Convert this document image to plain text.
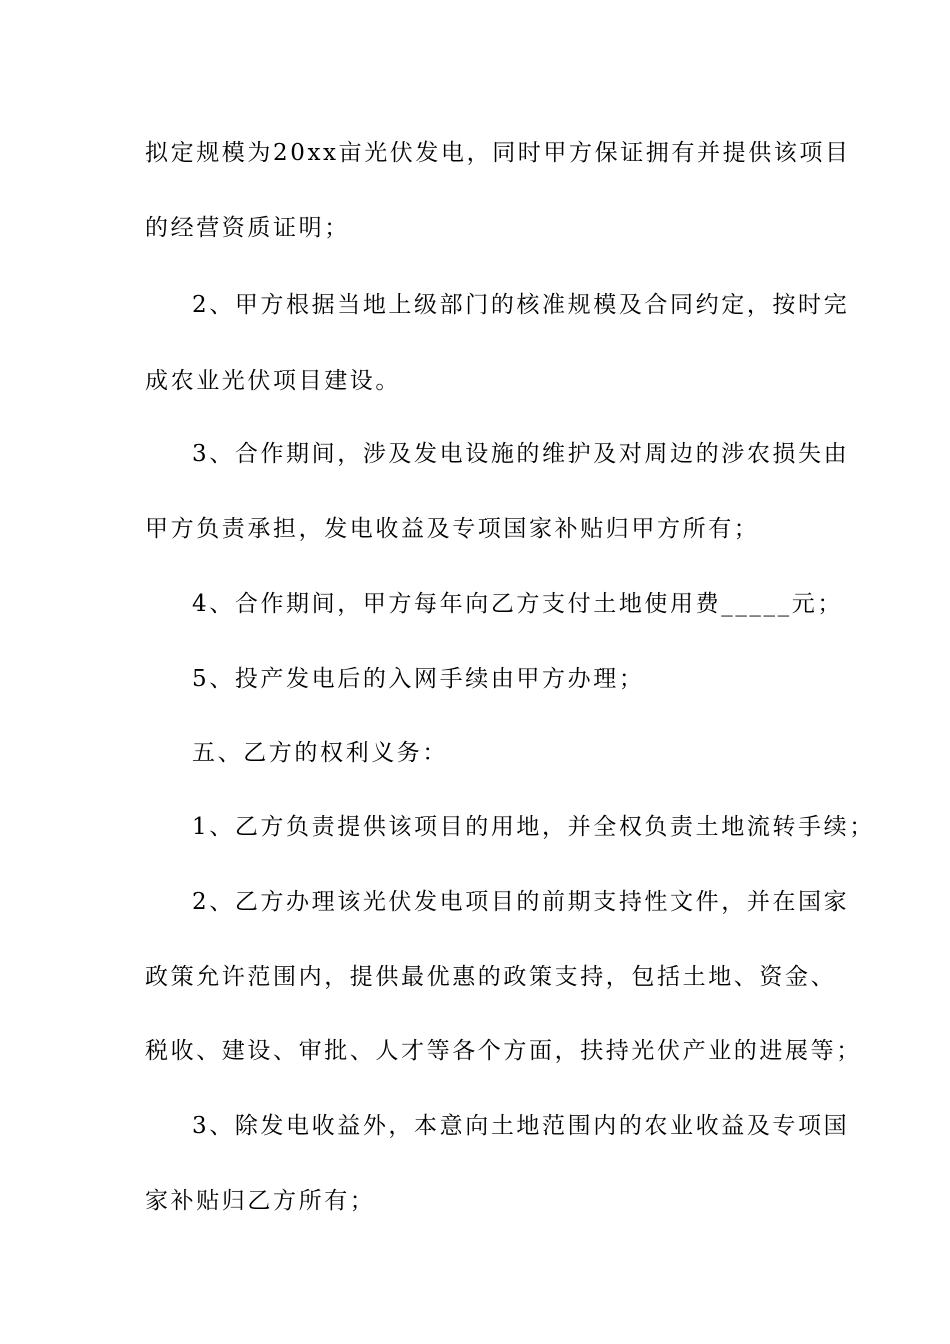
拟定规模为20xx亩光伏发电，同时甲方保证拥有并提供该项目
的经营资质证明；
2、甲方根据当地上级部门的核准规模及合同约定，按时完
成农业光伏项目建设。
3、合作期间，涉及发电设施的维护及对周边的涉农损失由
甲方负责承担，发电收益及专项国家补贴归甲方所有；
4、合作期间，甲方每年向乙方支付土地使用费_____元；
5、投产发电后的入网手续由甲方办理；
五、乙方的权利义务：
1、乙方负责提供该项目的用地，并全权负责土地流转手续；
2、乙方办理该光伏发电项目的前期支持性文件，并在国家
政策允许范围内，提供最优惠的政策支持，包括土地、资金、
税收、建设、审批、人才等各个方面，扶持光伏产业的进展等；
3、除发电收益外，本意向土地范围内的农业收益及专项国
家补贴归乙方所有；
